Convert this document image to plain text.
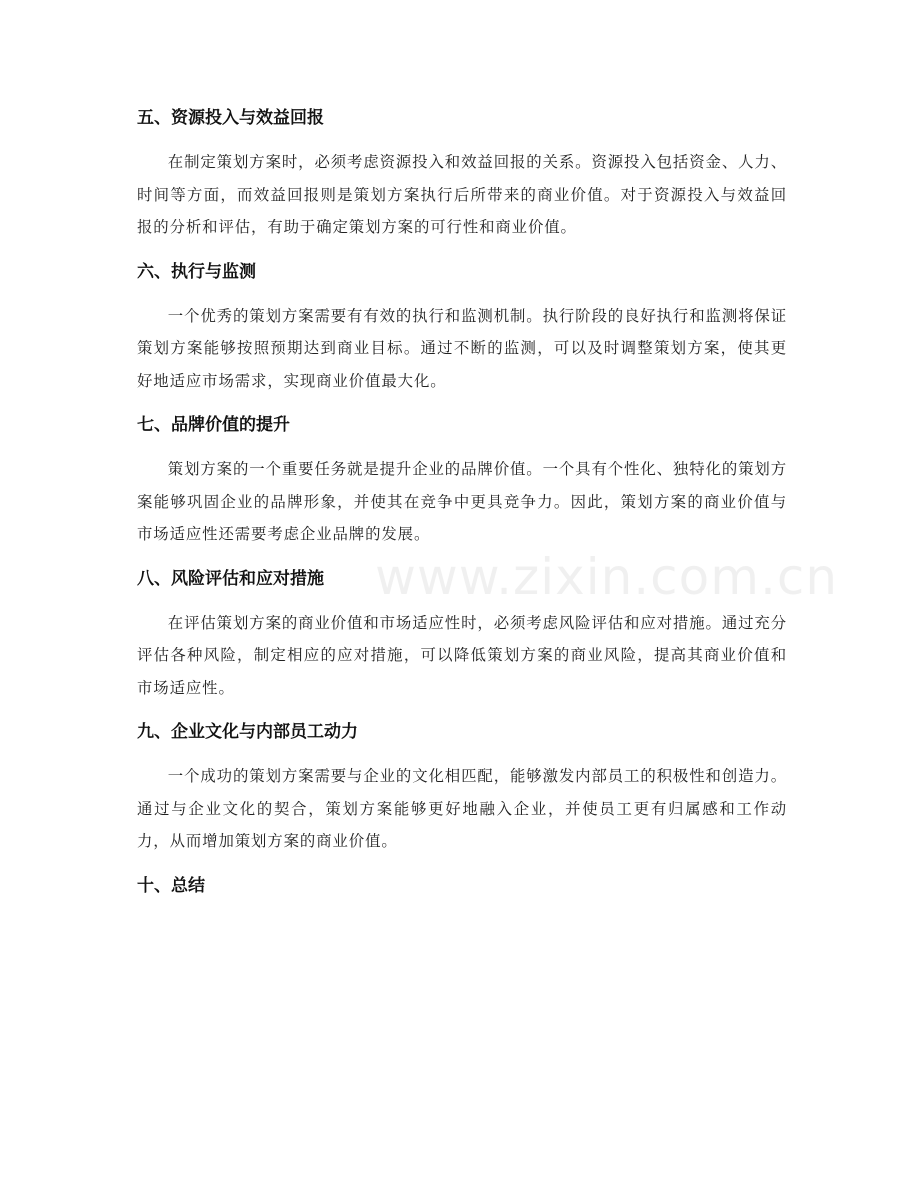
五、资源投入与效益回报

在制定策划方案时，必须考虑资源投入和效益回报的关系。资源投入包括资金、人力、时间等方面，而效益回报则是策划方案执行后所带来的商业价值。对于资源投入与效益回报的分析和评估，有助于确定策划方案的可行性和商业价值。

六、执行与监测

一个优秀的策划方案需要有有效的执行和监测机制。执行阶段的良好执行和监测将保证策划方案能够按照预期达到商业目标。通过不断的监测，可以及时调整策划方案，使其更好地适应市场需求，实现商业价值最大化。

七、品牌价值的提升

策划方案的一个重要任务就是提升企业的品牌价值。一个具有个性化、独特化的策划方案能够巩固企业的品牌形象，并使其在竞争中更具竞争力。因此，策划方案的商业价值与市场适应性还需要考虑企业品牌的发展。

八、风险评估和应对措施

在评估策划方案的商业价值和市场适应性时，必须考虑风险评估和应对措施。通过充分评估各种风险，制定相应的应对措施，可以降低策划方案的商业风险，提高其商业价值和市场适应性。

九、企业文化与内部员工动力

一个成功的策划方案需要与企业的文化相匹配，能够激发内部员工的积极性和创造力。通过与企业文化的契合，策划方案能够更好地融入企业，并使员工更有归属感和工作动力，从而增加策划方案的商业价值。

十、总结
www.zixin.com.cn
